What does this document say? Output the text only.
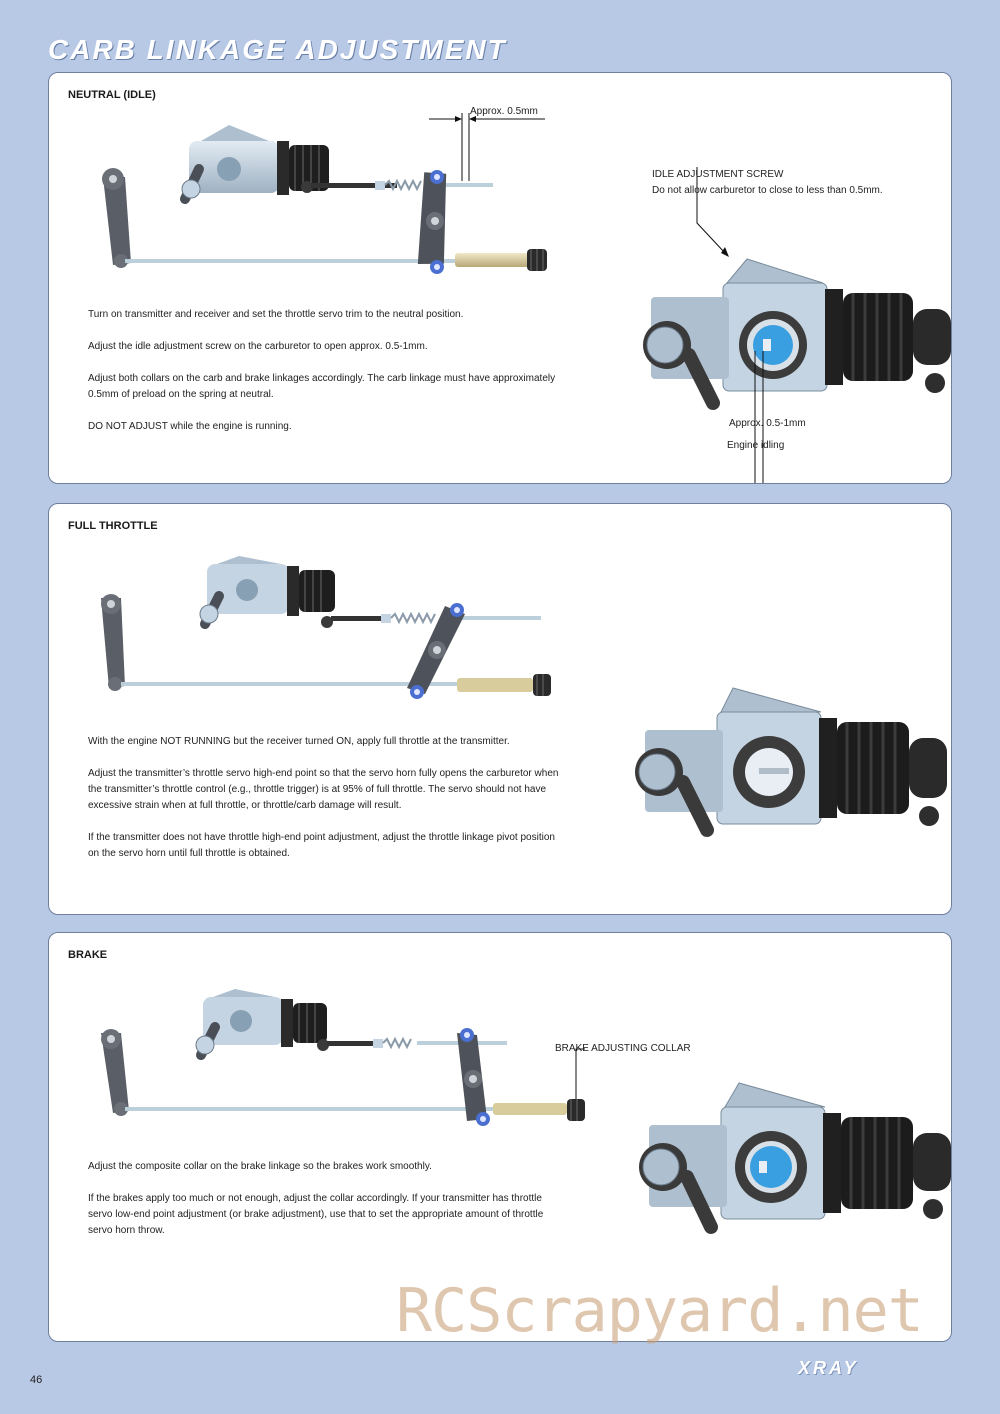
CARB LINKAGE ADJUSTMENT
NEUTRAL (IDLE)
Approx. 0.5mm

Turn on transmitter and receiver and set the throttle servo trim to the neutral position.

Adjust the idle adjustment screw on the carburetor to open approx. 0.5-1mm.

Adjust both collars on the carb and brake linkages accordingly. The carb linkage must have approximately 0.5mm of preload on the spring at neutral.

DO NOT ADJUST while the engine is running.

IDLE ADJUSTMENT SCREW
Do not allow carburetor to close to less than 0.5mm.
Approx. 0.5-1mm
Engine idling
FULL THROTTLE

With the engine NOT RUNNING but the receiver turned ON, apply full throttle at the transmitter.

Adjust the transmitter’s throttle servo high-end point so that the servo horn fully opens the carburetor when the transmitter’s throttle control (e.g., throttle trigger) is at 95% of full throttle. The servo should not have excessive strain when at full throttle, or throttle/carb damage will result.

If the transmitter does not have throttle high-end point adjustment, adjust the throttle linkage pivot position on the servo horn until full throttle is obtained.

BRAKE
BRAKE ADJUSTING COLLAR

Adjust the composite collar on the brake linkage so the brakes work smoothly.

If the brakes apply too much or not enough, adjust the collar accordingly. If your transmitter has throttle servo low-end point adjustment (or brake adjustment), use that to set the appropriate amount of throttle servo horn throw.

RCScrapyard.net
46
XRAY
